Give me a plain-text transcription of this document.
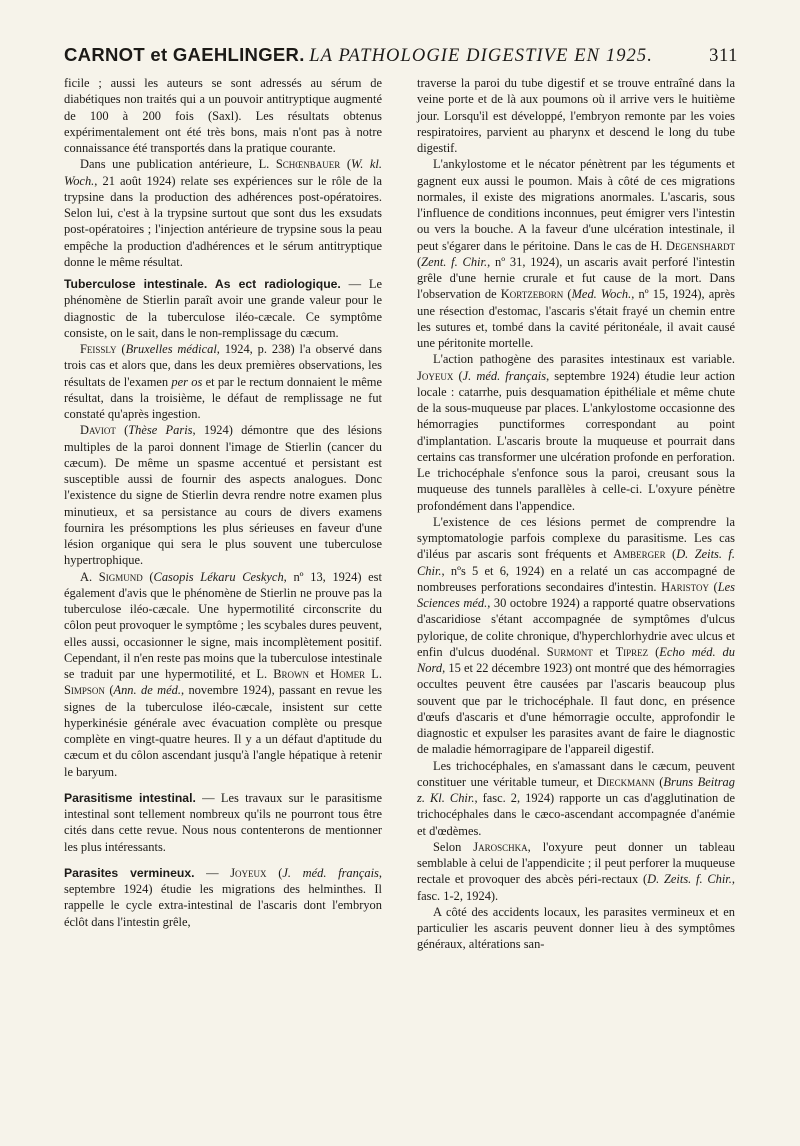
CARNOT et GAEHLINGER. LA PATHOLOGIE DIGESTIVE EN 1925.	311

ficile ; aussi les auteurs se sont adressés au sérum de diabétiques non traités qui a un pouvoir antitryptique augmenté de 100 à 200 fois (Saxl). Les résultats obtenus expérimentalement ont été très bons, mais n'ont pas à notre connaissance été transportés dans la pratique courante.

Dans une publication antérieure, L. Schœnbauer (W. kl. Woch., 21 août 1924) relate ses expériences sur le rôle de la trypsine dans la production des adhérences post-opératoires. Selon lui, c'est à la trypsine surtout que sont dus les exsudats post-opératoires ; l'injection antérieure de trypsine sous la peau empêche la production d'adhérences et le sérum antitryptique donne le même résultat.

Tuberculose intestinale. As ect radiologique. — Le phénomène de Stierlin paraît avoir une grande valeur pour le diagnostic de la tuberculose iléo-cæcale. Ce symptôme consiste, on le sait, dans le non-remplissage du cæcum.

Feissly (Bruxelles médical, 1924, p. 238) l'a observé dans trois cas et alors que, dans les deux premières observations, les résultats de l'examen per os et par le rectum donnaient le même résultat, dans la troisième, le défaut de remplissage ne fut constaté qu'après ingestion.

Daviot (Thèse Paris, 1924) démontre que des lésions multiples de la paroi donnent l'image de Stierlin (cancer du cæcum). De même un spasme accentué et persistant est susceptible aussi de fournir des aspects analogues. Donc l'existence du signe de Stierlin devra rendre notre examen plus minutieux, et sa persistance au cours de divers examens fournira les présomptions les plus sérieuses en faveur d'une lésion organique qui sera le plus souvent une tuberculose hypertrophique.

A. Sigmund (Casopis Lékaru Ceskych, nº 13, 1924) est également d'avis que le phénomène de Stierlin ne prouve pas la tuberculose iléo-cæcale. Une hypermotilité circonscrite du côlon peut provoquer le symptôme ; les scybales dures peuvent, elles aussi, occasionner le signe, mais incomplètement positif. Cependant, il n'en reste pas moins que la tuberculose intestinale se traduit par une hypermotilité, et L. Brown et Homer L. Simpson (Ann. de méd., novembre 1924), passant en revue les signes de la tuberculose iléo-cæcale, insistent sur cette hyperkinésie générale avec évacuation complète ou presque complète en vingt-quatre heures. Il y a un défaut d'aptitude du cæcum et du côlon ascendant jusqu'à l'angle hépatique à retenir le baryum.

Parasitisme intestinal. — Les travaux sur le parasitisme intestinal sont tellement nombreux qu'ils ne pourront tous être cités dans cette revue. Nous nous contenterons de mentionner les plus intéressants.

Parasites vermineux. — Joyeux (J. méd. français, septembre 1924) étudie les migrations des helminthes. Il rappelle le cycle extra-intestinal de l'ascaris dont l'embryon éclôt dans l'intestin grêle,

traverse la paroi du tube digestif et se trouve entraîné dans la veine porte et de là aux poumons où il arrive vers le huitième jour. Lorsqu'il est développé, l'embryon remonte par les voies respiratoires, parvient au pharynx et descend le long du tube digestif.

L'ankylostome et le nécator pénètrent par les téguments et gagnent eux aussi le poumon. Mais à côté de ces migrations normales, il existe des migrations anormales. L'ascaris, sous l'influence de conditions inconnues, peut émigrer vers l'intestin ou vers la bouche. A la faveur d'une ulcération intestinale, il peut s'égarer dans le péritoine. Dans le cas de H. Degenshardt (Zent. f. Chir., nº 31, 1924), un ascaris avait perforé l'intestin grêle d'une hernie crurale et fut cause de la mort. Dans l'observation de Kortzeborn (Med. Woch., nº 15, 1924), après une résection d'estomac, l'ascaris s'était frayé un chemin entre les sutures et, tombé dans la cavité péritonéale, il avait causé une péritonite mortelle.

L'action pathogène des parasites intestinaux est variable. Joyeux (J. méd. français, septembre 1924) étudie leur action locale : catarrhe, puis desquamation épithéliale et même chute de la sous-muqueuse par places. L'ankylostome occasionne des hémorragies punctiformes correspondant au point d'implantation. L'ascaris broute la muqueuse et pourrait dans certains cas transformer une ulcération profonde en perforation. Le trichocéphale s'enfonce sous la paroi, creusant sous la muqueuse des tunnels parallèles à celle-ci. L'oxyure pénètre profondément dans l'appendice.

L'existence de ces lésions permet de comprendre la symptomatologie parfois complexe du parasitisme. Les cas d'iléus par ascaris sont fréquents et Amberger (D. Zeits. f. Chir., nºs 5 et 6, 1924) en a relaté un cas accompagné de nombreuses perforations secondaires d'intestin. Haristoy (Les Sciences méd., 30 octobre 1924) a rapporté quatre observations d'ascaridiose s'étant accompagnée de symptômes d'ulcus pylorique, de colite chronique, d'hyperchlorhydrie avec ulcus et enfin d'ulcus duodénal. Surmont et Tiprez (Echo méd. du Nord, 15 et 22 décembre 1923) ont montré que des hémorragies occultes peuvent être causées par l'ascaris beaucoup plus souvent que par le trichocéphale. Il faut donc, en présence d'œufs d'ascaris et d'une hémorragie occulte, approfondir le diagnostic et expulser les parasites avant de faire le diagnostic de maladie hémorragipare de l'appareil digestif.

Les trichocéphales, en s'amassant dans le cæcum, peuvent constituer une véritable tumeur, et Dieckmann (Bruns Beitrag z. Kl. Chir., fasc. 2, 1924) rapporte un cas d'agglutination de trichocéphales dans le cæco-ascendant accompagnée d'anémie et d'œdèmes.

Selon Jaroschka, l'oxyure peut donner un tableau semblable à celui de l'appendicite ; il peut perforer la muqueuse rectale et provoquer des abcès péri-rectaux (D. Zeits. f. Chir., fasc. 1-2, 1924).

A côté des accidents locaux, les parasites vermineux et en particulier les ascaris peuvent donner lieu à des symptômes généraux, altérations san-
